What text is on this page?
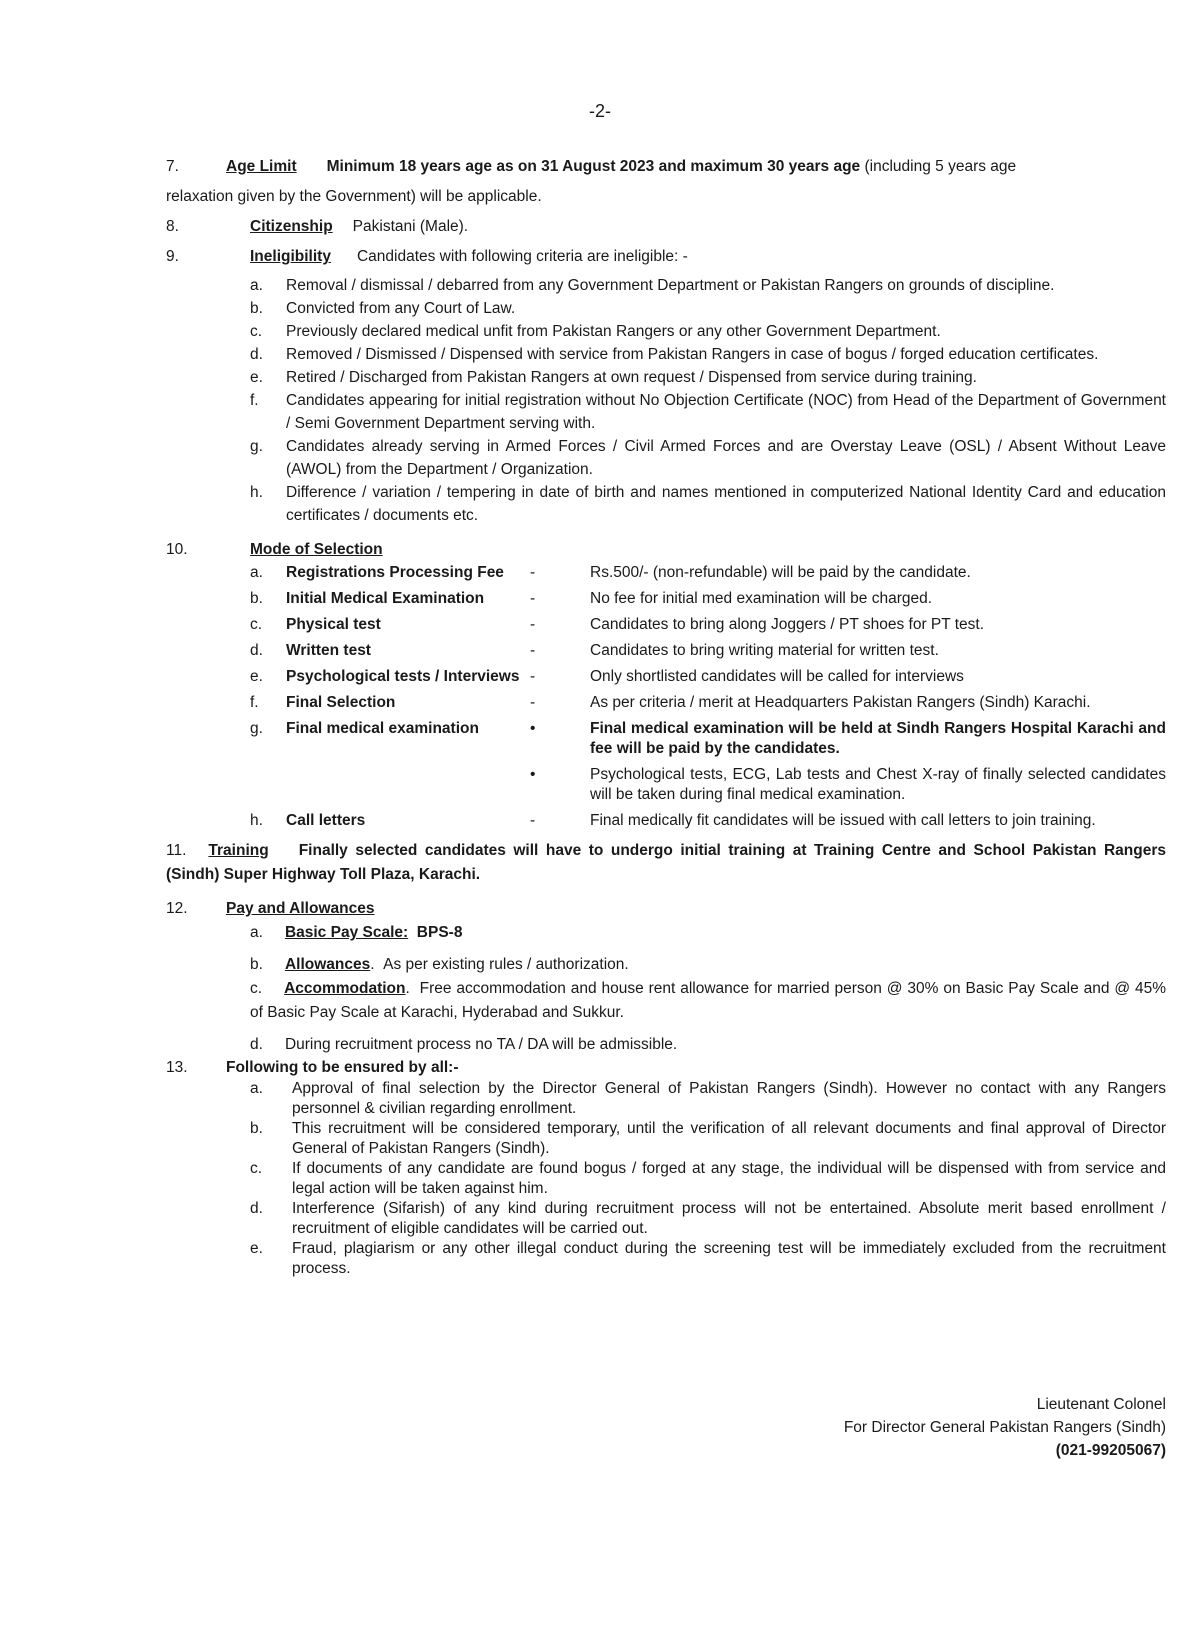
-2-
7.	Age Limit Minimum 18 years age as on 31 August 2023 and maximum 30 years age (including 5 years age
relaxation given by the Government) will be applicable.
8.	Citizenship Pakistani (Male).
9.	Ineligibility Candidates with following criteria are ineligible: -
a.	Removal / dismissal / debarred from any Government Department or Pakistan Rangers on grounds of discipline.
b.	Convicted from any Court of Law.
c.	Previously declared medical unfit from Pakistan Rangers or any other Government Department.
d.	Removed / Dismissed / Dispensed with service from Pakistan Rangers in case of bogus / forged education certificates.
e.	Retired / Discharged from Pakistan Rangers at own request / Dispensed from service during training.
f.	Candidates appearing for initial registration without No Objection Certificate (NOC) from Head of the Department of Government / Semi Government Department serving with.
g.	Candidates already serving in Armed Forces / Civil Armed Forces and are Overstay Leave (OSL) / Absent Without Leave (AWOL) from the Department / Organization.
h.	Difference / variation / tempering in date of birth and names mentioned in computerized National Identity Card and education certificates / documents etc.
10.	Mode of Selection
a.	Registrations Processing Fee	-	Rs.500/- (non-refundable) will be paid by the candidate.
b.	Initial Medical Examination	-	No fee for initial med examination will be charged.
c.	Physical test	-	Candidates to bring along Joggers / PT shoes for PT test.
d.	Written test	-	Candidates to bring writing material for written test.
e.	Psychological tests / Interviews	-	Only shortlisted candidates will be called for interviews
f.	Final Selection	-	As per criteria / merit at Headquarters Pakistan Rangers (Sindh) Karachi.
g.	Final medical examination	•	Final medical examination will be held at Sindh Rangers Hospital Karachi and fee will be paid by the candidates.
		•	Psychological tests, ECG, Lab tests and Chest X-ray of finally selected candidates will be taken during final medical examination.
h.	Call letters	-	Final medically fit candidates will be issued with call letters to join training.
11. Training Finally selected candidates will have to undergo initial training at Training Centre and School Pakistan Rangers (Sindh) Super Highway Toll Plaza, Karachi.
12.	Pay and Allowances
a. Basic Pay Scale: BPS-8
b. Allowances.  As per existing rules / authorization.
c. Accommodation.  Free accommodation and house rent allowance for married person @ 30% on Basic Pay Scale and @ 45% of Basic Pay Scale at Karachi, Hyderabad and Sukkur.
d. During recruitment process no TA / DA will be admissible.
13.	Following to be ensured by all:-
a.	Approval of final selection by the Director General of Pakistan Rangers (Sindh). However no contact with any Rangers personnel & civilian regarding enrollment.
b.	This recruitment will be considered temporary, until the verification of all relevant documents and final approval of Director General of Pakistan Rangers (Sindh).
c.	If documents of any candidate are found bogus / forged at any stage, the individual will be dispensed with from service and legal action will be taken against him.
d.	Interference (Sifarish) of any kind during recruitment process will not be entertained. Absolute merit based enrollment / recruitment of eligible candidates will be carried out.
e.	Fraud, plagiarism or any other illegal conduct during the screening test will be immediately excluded from the recruitment process.
Lieutenant Colonel
For Director General Pakistan Rangers (Sindh)
(021-99205067)
